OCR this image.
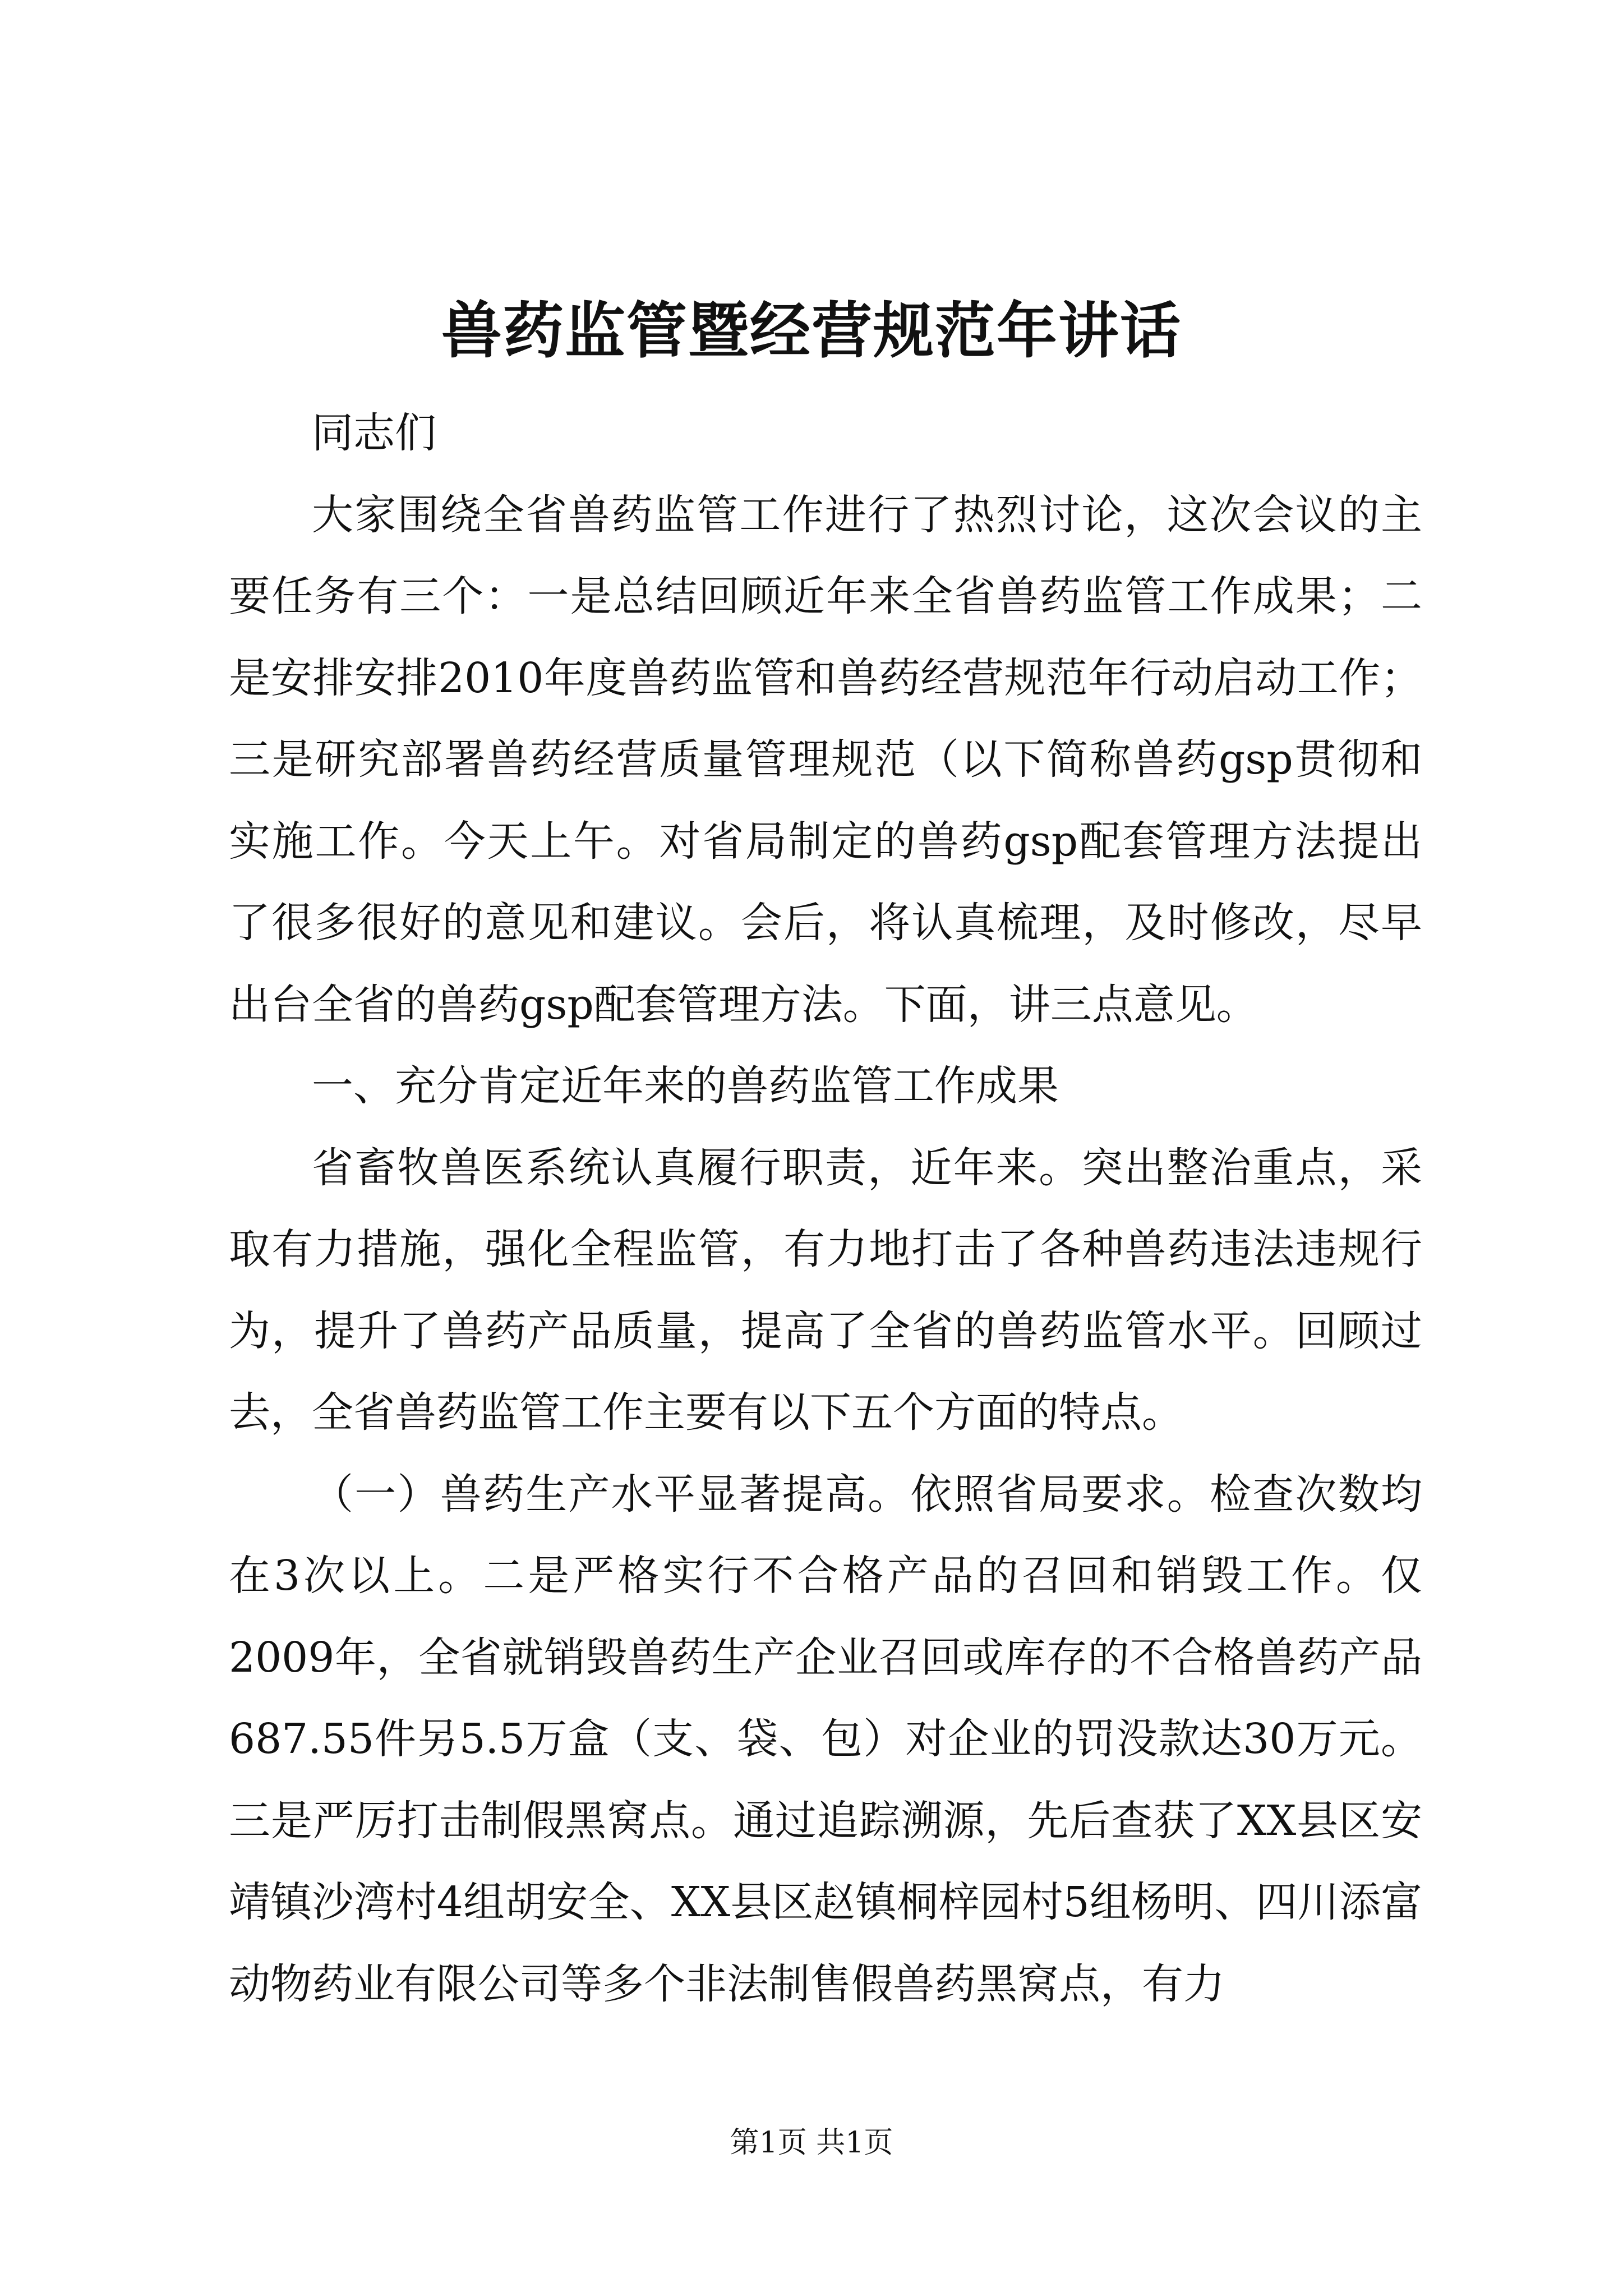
兽药监管暨经营规范年讲话

同志们

大家围绕全省兽药监管工作进行了热烈讨论，这次会议的主要任务有三个：一是总结回顾近年来全省兽药监管工作成果；二是安排安排2010年度兽药监管和兽药经营规范年行动启动工作；三是研究部署兽药经营质量管理规范（以下简称兽药gsp贯彻和实施工作。今天上午。对省局制定的兽药gsp配套管理方法提出了很多很好的意见和建议。会后，将认真梳理，及时修改，尽早出台全省的兽药gsp配套管理方法。下面，讲三点意见。

一、充分肯定近年来的兽药监管工作成果

省畜牧兽医系统认真履行职责，近年来。突出整治重点，采取有力措施，强化全程监管，有力地打击了各种兽药违法违规行为，提升了兽药产品质量，提高了全省的兽药监管水平。回顾过去，全省兽药监管工作主要有以下五个方面的特点。

（一）兽药生产水平显著提高。依照省局要求。检查次数均在3次以上。二是严格实行不合格产品的召回和销毁工作。仅2009年，全省就销毁兽药生产企业召回或库存的不合格兽药产品687.55件另5.5万盒（支、袋、包）对企业的罚没款达30万元。三是严厉打击制假黑窝点。通过追踪溯源，先后查获了XX县区安靖镇沙湾村4组胡安全、XX县区赵镇桐梓园村5组杨明、四川添富动物药业有限公司等多个非法制售假兽药黑窝点，有力

第1页 共1页
